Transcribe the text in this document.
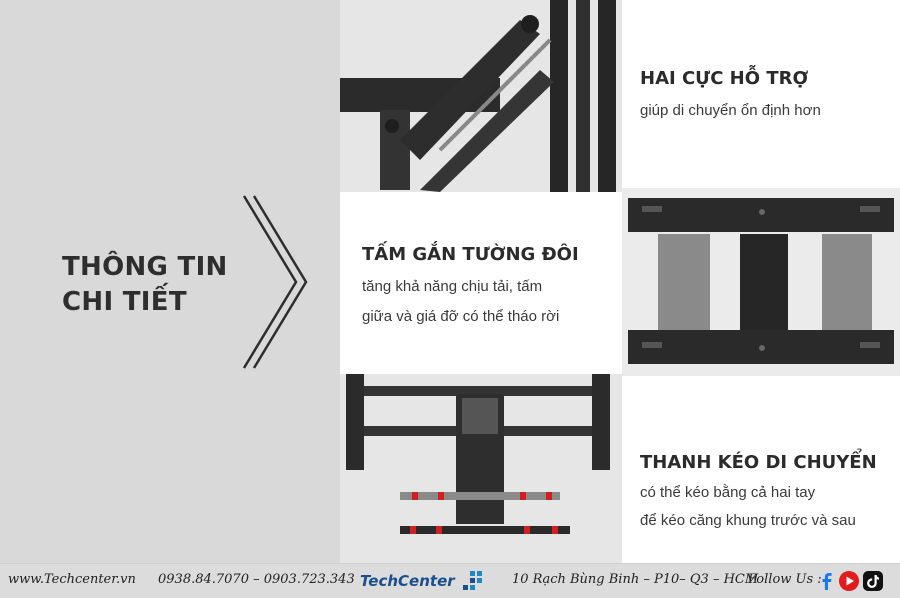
THÔNG TIN
CHI TIẾT
HAI CỰC HỖ TRỢ
giúp di chuyển ổn định hơn
TẤM GẮN TƯỜNG ĐÔI
tăng khả năng chịu tải, tấm
giữa và giá đỡ có thể tháo rời
THANH KÉO DI CHUYỂN
có thể kéo bằng cả hai tay
để kéo căng khung trước và sau
www.Techcenter.vn 0938.84.7070 – 0903.723.343 TechCenter	10 Rạch Bùng Binh – P10– Q3 – HCM
Follow Us :
